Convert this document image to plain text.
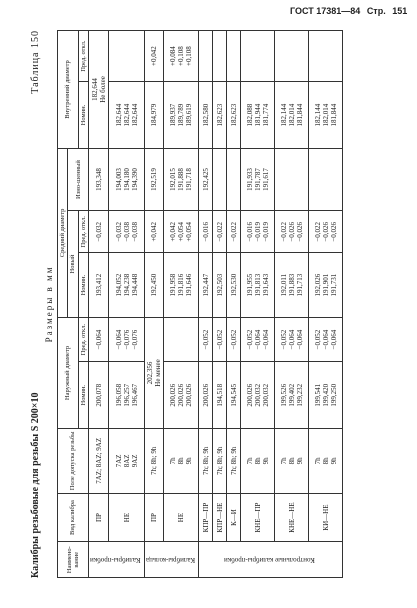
ГОСТ 17381—84 Стр. 151
Калибры резьбовые для резьбы S 200×10
Таблица 150
Размеры в мм
Наимено-вание	Вид калибра	Поле допуска резьбы	Наружный диаметр		Средний диаметр			Внутренний диаметр	
					Новый		Изно-шенный		
			Номин.	Пред. откл.	Номин.	Пред. откл.		Номин.	Пред. откл.
Калибры-пробки	ПР	7AZ; 8AZ; 9AZ	200,078	−0,064	193,412	−0,032	193,348	182,644 Не более	

	НЕ	7AZ 8AZ 9AZ	196,058 196,257 196,467	−0,064 −0,076 −0,076	194,052 194,238 194,448	−0,032 −0,038 −0,038	194,003 194,180 194,390	182,644 182,644 182,644	

Калибры-кольца	ПР	7h; 8h; 9h	202,356 Не менее		192,450	+0,042	192,519	184,979	+0,042

	НЕ	7h 8h 9h	200,026 200,026 200,026		191,958 191,816 191,646	+0,042 +0,054 +0,054	192,015 191,888 191,718	189,937 189,789 189,619	+0,084 +0,108 +0,108

Контрольные калибры-пробки	КПР—ПР	7h; 8h; 9h	200,026	−0,052	192,447	−0,016	192,425	182,580	

	КПР—НЕ	7h; 8h; 9h	194,518	−0,052	192,503	−0,022		182,623	

	К—И	7h; 8h; 9h	194,545	−0,052	192,530	−0,022		182,623	

	КНЕ—ПР	7h 8h 9h	200,026 200,032 200,032	−0,052 −0,064 −0,064	191,955 191,813 191,643	−0,016 −0,019 −0,019	191,933 191,787 191,617	182,088 181,944 181,774	

	КНЕ—НЕ	7h 8h 9h	199,526 199,402 199,232	−0,052 −0,064 −0,064	192,011 191,883 191,713	−0,022 −0,026 −0,026		182,144 182,014 181,844	

	КИ—НЕ	7h 8h 9h	199,541 199,420 199,250	−0,052 −0,064 −0,064	192,026 191,901 191,731	−0,022 −0,026 −0,026		182,144 182,014 181,844	
